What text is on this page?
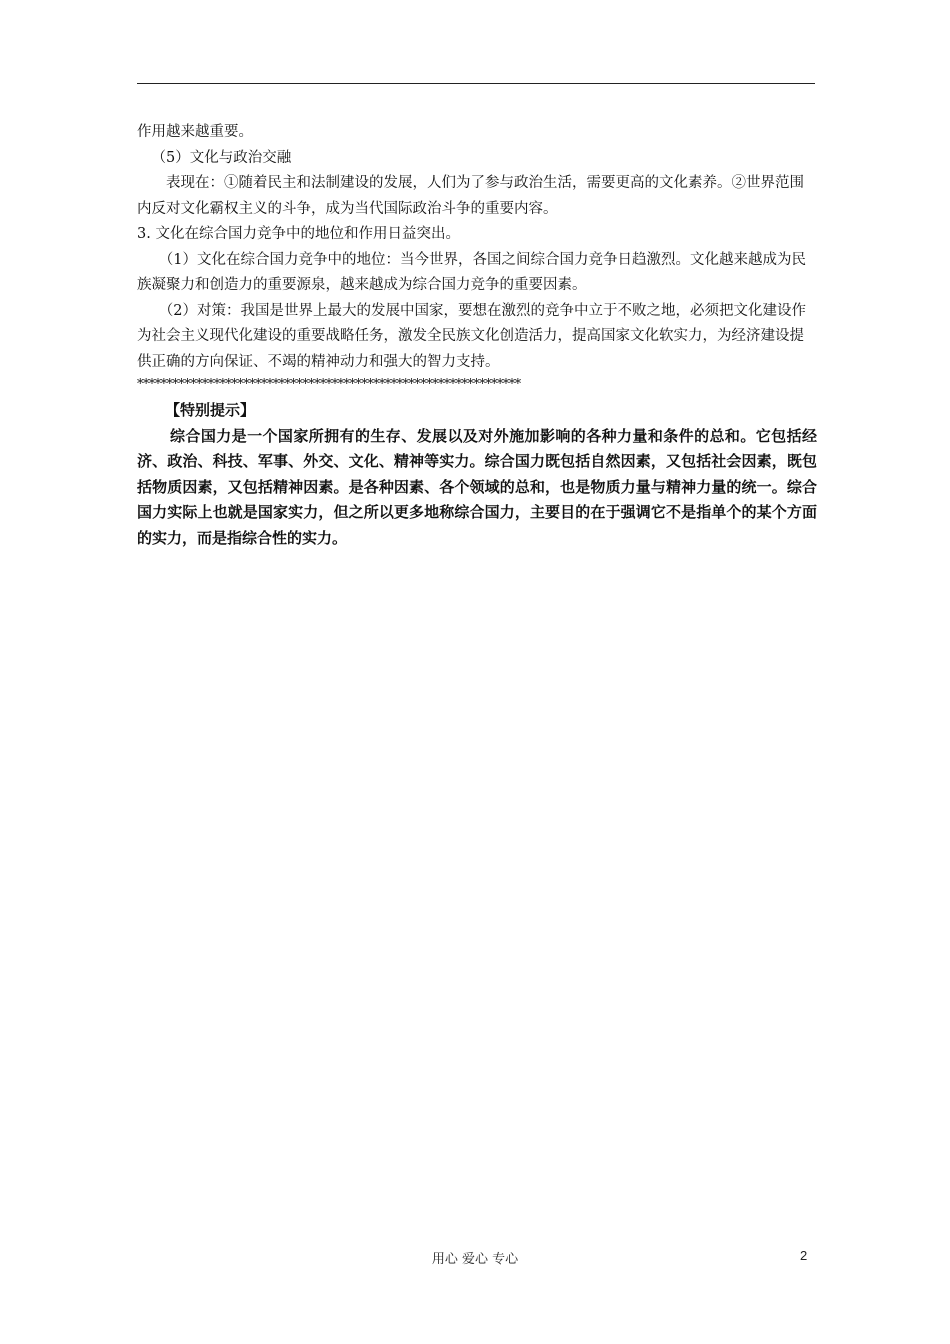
作用越来越重要。

（5）文化与政治交融

表现在：①随着民主和法制建设的发展，人们为了参与政治生活，需要更高的文化素养。②世界范围内反对文化霸权主义的斗争，成为当代国际政治斗争的重要内容。

3. 文化在综合国力竞争中的地位和作用日益突出。

（1）文化在综合国力竞争中的地位：当今世界，各国之间综合国力竞争日趋激烈。文化越来越成为民族凝聚力和创造力的重要源泉，越来越成为综合国力竞争的重要因素。

（2）对策：我国是世界上最大的发展中国家，要想在激烈的竞争中立于不败之地，必须把文化建设作为社会主义现代化建设的重要战略任务，激发全民族文化创造活力，提高国家文化软实力，为经济建设提供正确的方向保证、不竭的精神动力和强大的智力支持。

*****************************************************************

【特别提示】

综合国力是一个国家所拥有的生存、发展以及对外施加影响的各种力量和条件的总和。它包括经济、政治、科技、军事、外交、文化、精神等实力。综合国力既包括自然因素，又包括社会因素，既包括物质因素，又包括精神因素。是各种因素、各个领域的总和，也是物质力量与精神力量的统一。综合国力实际上也就是国家实力，但之所以更多地称综合国力，主要目的在于强调它不是指单个的某个方面的实力，而是指综合性的实力。

用心 爱心 专心	2
